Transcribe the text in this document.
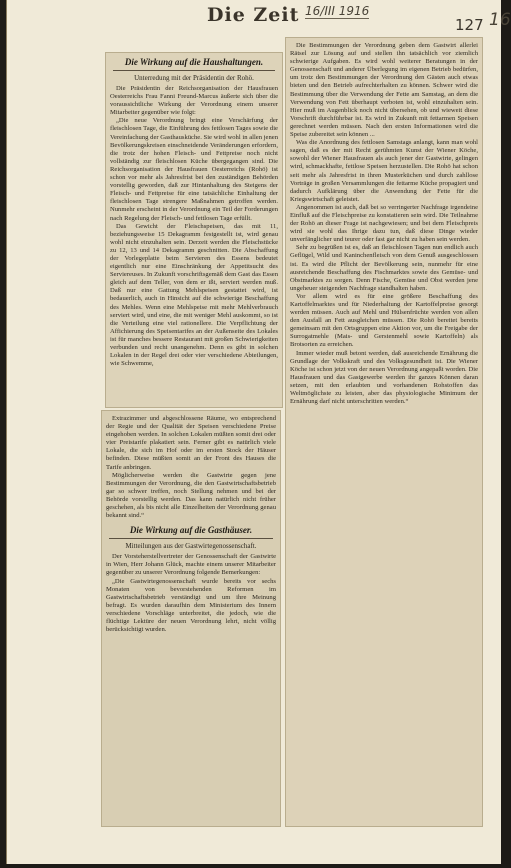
Die Zeit 16/III 1916
127 16
Die Wirkung auf die Haushaltungen.
Unterredung mit der Präsidentin der Rohö.

Die Präsidentin der Reichsorganisation der Hausfrauen Oesterreichs Frau Fanni Freund-Marcus äußerte sich über die voraussichtliche Wirkung der Verordnung einem unserer Mitarbeiter gegenüber wie folgt:

„Die neue Verordnung bringt eine Verschärfung der fleischlosen Tage, die Einführung des fettlosen Tages sowie die Vereinfachung der Gasthausküche. Sie wird wohl in allen jenen Bevölkerungskreisen einschneidende Veränderungen erfordern, die trotz der hohen Fleisch- und Fettpreise noch nicht vollständig zur fleischlosen Küche übergegangen sind. Die Reichsorganisation der Hausfrauen Oesterreichs (Rohö) ist schon vor mehr als Jahresfrist bei den zuständigen Behörden vorstellig geworden, daß zur Hintanhaltung des Steigens der Fleisch- und Fettpreise für eine tatsächliche Einhaltung der fleischlosen Tage strengere Maßnahmen getroffen werden. Nunmehr erscheint in der Verordnung ein Teil der Forderungen nach Regelung der Fleisch- und fettlosen Tage erfüllt.

Das Gewicht der Fleischspeisen, das mit 11, beziehungsweise 15 Dekagramm festgestellt ist, wird genau wohl nicht einzuhalten sein. Derzeit werden die Fleischstücke zu 12, 13 und 14 Dekagramm geschnitten. Die Abschaffung der Vorlegeplatte beim Servieren des Essens bedeutet eigentlich nur eine Einschränkung der Appetitsucht des Serviereuses. In Zukunft vorschriftsgemäß dem Gast das Essen gleich auf dem Teller, von dem er ißt, serviert werden muß. Daß nur eine Gattung Mehlspeisen gestattet wird, ist bedauerlich, auch in Hinsicht auf die schwierige Beschaffung des Mehles. Wenn eine Mehlspeise mit mehr Mehlverbrauch serviert wird, und eine, die mit weniger Mehl auskommt, so ist die Verteilung eine viel rationellere. Die Verpflichtung der Affichierung des Speisentarifes an der Außenseite des Lokales ist für manches bessere Restaurant mit großen Schwierigkeiten verbunden und recht unangenehm. Denn es gibt in solchen Lokalen in der Regel drei oder vier verschiedene Abteilungen, wie Schwemme,

Extrazimmer und abgeschlossene Räume, wo entsprechend der Regie und der Qualität der Speisen verschiedene Preise eingehoben werden. In solchen Lokalen müßten somit drei oder vier Preistarife plakatiert sein. Ferner gibt es natürlich viele Lokale, die sich im Hof oder im ersten Stock der Häuser befinden. Diese müßten somit an der Front des Hauses die Tarife anbringen.

Möglicherweise werden die Gastwirte gegen jene Bestimmungen der Verordnung, die den Gastwirtschaftsbetrieb gar so schwer treffen, noch Stellung nehmen und bei der Behörde vorstellig werden. Das kann natürlich nicht früher geschehen, als bis nicht alle Einzelheiten der Verordnung genau bekannt sind.“

Die Wirkung auf die Gasthäuser.
Mitteilungen aus der Gastwirtegenossenschaft.

Der Vorsteherstellvertreter der Genossenschaft der Gastwirte in Wien, Herr Johann Glück, machte einem unserer Mitarbeiter gegenüber zu unserer Verordnung folgende Bemerkungen:

„Die Gastwirtegenossenschaft wurde bereits vor sechs Monaten von bevorstehenden Reformen im Gastwirtschaftsbetrieb verständigt und um ihre Meinung befragt. Es wurden daraufhin dem Ministerium des Innern verschiedene Vorschläge unterbreitet, die jedoch, wie die flüchtige Lektüre der neuen Verordnung lehrt, nicht völlig berücksichtigt wurden.

Die Bestimmungen der Verordnung geben dem Gastwirt allerlei Rätsel zur Lösung auf und stellen ihn tatsächlich vor ziemlich schwierige Aufgaben. Es wird wohl weiterer Beratungen in der Genossenschaft und anderer Überlegung im eigenen Betrieb bedürfen, um trotz den Bestimmungen der Verordnung den Gästen auch etwas bieten und den Betrieb aufrechterhalten zu können. Schwer wird die Bestimmung über die Verwendung der Fette am Samstag, an dem die Verwendung von Fett überhaupt verboten ist, wohl einzuhalten sein. Hier muß im Augenblick noch nicht übersehen, ob und wieweit diese Vorschrift durchführbar ist. Es wird in Zukunft mit fettarmen Speisen gerechnet werden müssen. Nach den ersten Informationen wird die Speise zubereitet sein können ...

Was die Anordnung des fettlosen Samstags anlangt, kann man wohl sagen, daß es der mit Recht gerühmten Kunst der Wiener Köche, sowohl der Wiener Hausfrauen als auch jener der Gastwirte, gelingen wird, schmackhafte, fettlose Speisen herzustellen. Die Rohö hat schon seit mehr als Jahresfrist in ihren Musterküchen und durch zahllose Vorträge in großen Versammlungen die fettarme Küche propagiert und dadurch Aufklärung über die Anwendung der Fette für die Kriegswirtschaft geleistet.

Angenommen ist auch, daß bei so verringerter Nachfrage irgendeine Einfluß auf die Fleischpreise zu konstatieren sein wird. Die Teilnahme der Rohö an dieser Frage ist nachgewiesen; und bei dem Fleischpreis wird sie wohl das Ihrige dazu tun, daß diese Dinge wieder unverfänglicher und teurer oder fast gar nicht zu haben sein werden.

Sehr zu begrüßen ist es, daß an fleischlosen Tagen nun endlich auch Geflügel, Wild und Kaninchenfleisch von dem Genuß ausgeschlossen ist. Es wird die Pflicht der Bevölkerung sein, nunmehr für eine ausreichende Beschaffung des Fischmarktes sowie des Gemüse- und Obstmarktes zu sorgen. Denn Fische, Gemüse und Obst werden jene ungeheuer steigenden Nachfrage standhalten haben.

Vor allem wird es für eine größere Beschaffung des Kartoffelmarktes und für Niederhaltung der Kartoffelpreise gesorgt werden müssen. Auch auf Mehl und Hülsenfrüchte werden von allen den Ausfall an Fett ausgleichen müssen. Die Rohö bereitet bereits gemeinsam mit den Ortsgruppen eine Aktion vor, um die Freigabe der Surrogatmehle (Mais- und Gerstenmehl sowie Kartoffeln) als Brotsorten zu erreichen.

Immer wieder muß betont werden, daß ausreichende Ernährung die Grundlage der Volkskraft und des Volksgesundheit ist. Die Wiener Köche ist schon jetzt von der neuen Verordnung angepaßt worden. Die Hausfrauen und das Gastgewerbe werden ihr ganzes Können daran setzen, mit den erlaubten und vorhandenen Rohstoffen das Weltmöglichste zu leisten, aber das physiologische Minimum der Ernährung darf nicht unterschritten werden.“
